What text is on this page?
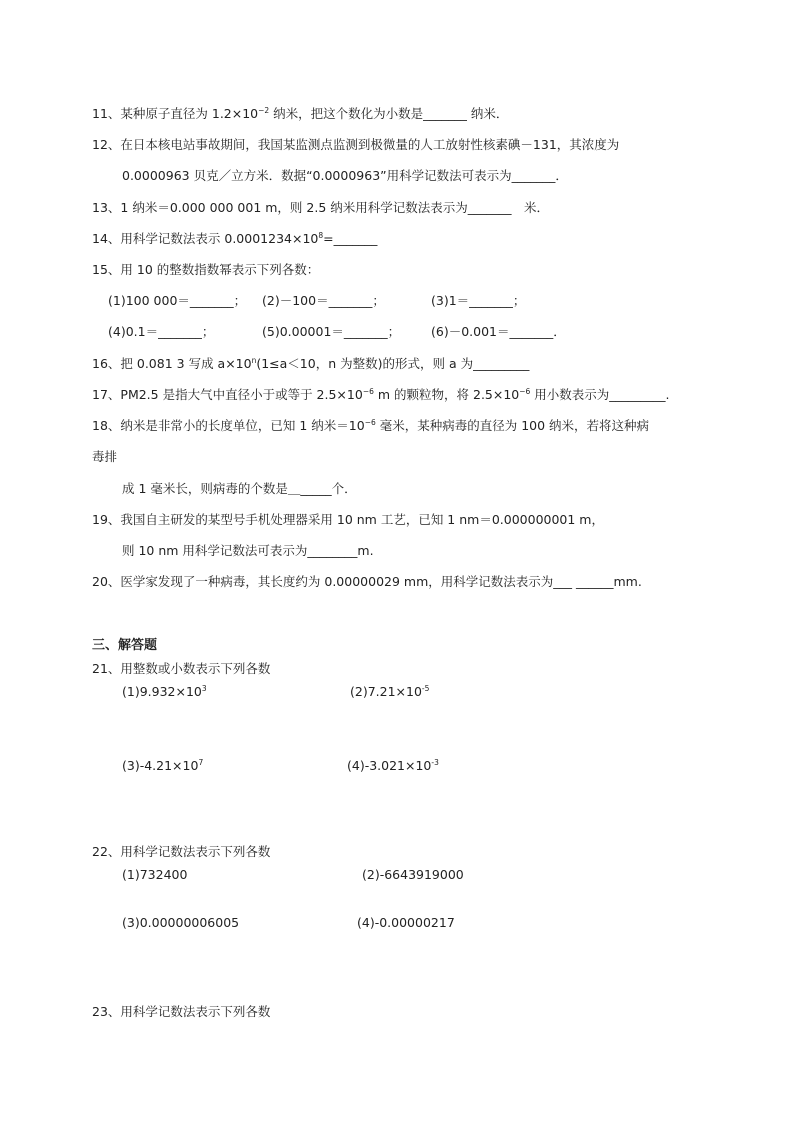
11、某种原子直径为 $1.2\times 10^{-2}$ 纳米，把这个数化为小数是_______ 纳米．
12、在日本核电站事故期间，我国某监测点监测到极微量的人工放射性核素碘－131，其浓度为
0.0000963 贝克／立方米．数据“0.0000963”用科学记数法可表示为_______．
13、1 纳米＝0.000 000 001 m，则 2.5 纳米用科学记数法表示为_______　米．
14、用科学记数法表示 $0.0001234\times 10^8=\_\_\_\_\_\_\_$
15、用 10 的整数指数幂表示下列各数：
(1)100 000＝_______； (2)－100＝_______；	(3)1＝_______；
(4)0.1＝_______；	(5)0.00001＝_______； (6)－0.001＝_______．
16、把 0.081 3 写成 $a\times 10^n(1\le a<10$，n 为整数)的形式，则 a 为_________
17、PM2.5 是指大气中直径小于或等于 $2.5\times 10^{-6}$ m 的颗粒物，将 $2.5\times 10^{-6}$ 用小数表示为_________.
18、纳米是非常小的长度单位，已知 1 纳米$=10^{-6}$ 毫米，某种病毒的直径为 100 纳米，若将这种病
毒排
成 1 毫米长，则病毒的个数是＿_____个．
19、我国自主研发的某型号手机处理器采用 10 nm 工艺，已知 1 nm＝0.000000001 m，
则 10 nm 用科学记数法可表示为________m.
20、医学家发现了一种病毒，其长度约为 0.00000029 mm，用科学记数法表示为___ ______mm.
三、解答题
21、用整数或小数表示下列各数
$(1)9.932\times 10^3$	$(2)7.21\times 10^{-5}$
$(3)-4.21\times 10^7$	$(4)-3.021\times 10^{-3}$
22、用科学记数法表示下列各数
(1)732400	(2)-6643919000
(3)0.00000006005	(4)-0.00000217
23、用科学记数法表示下列各数
